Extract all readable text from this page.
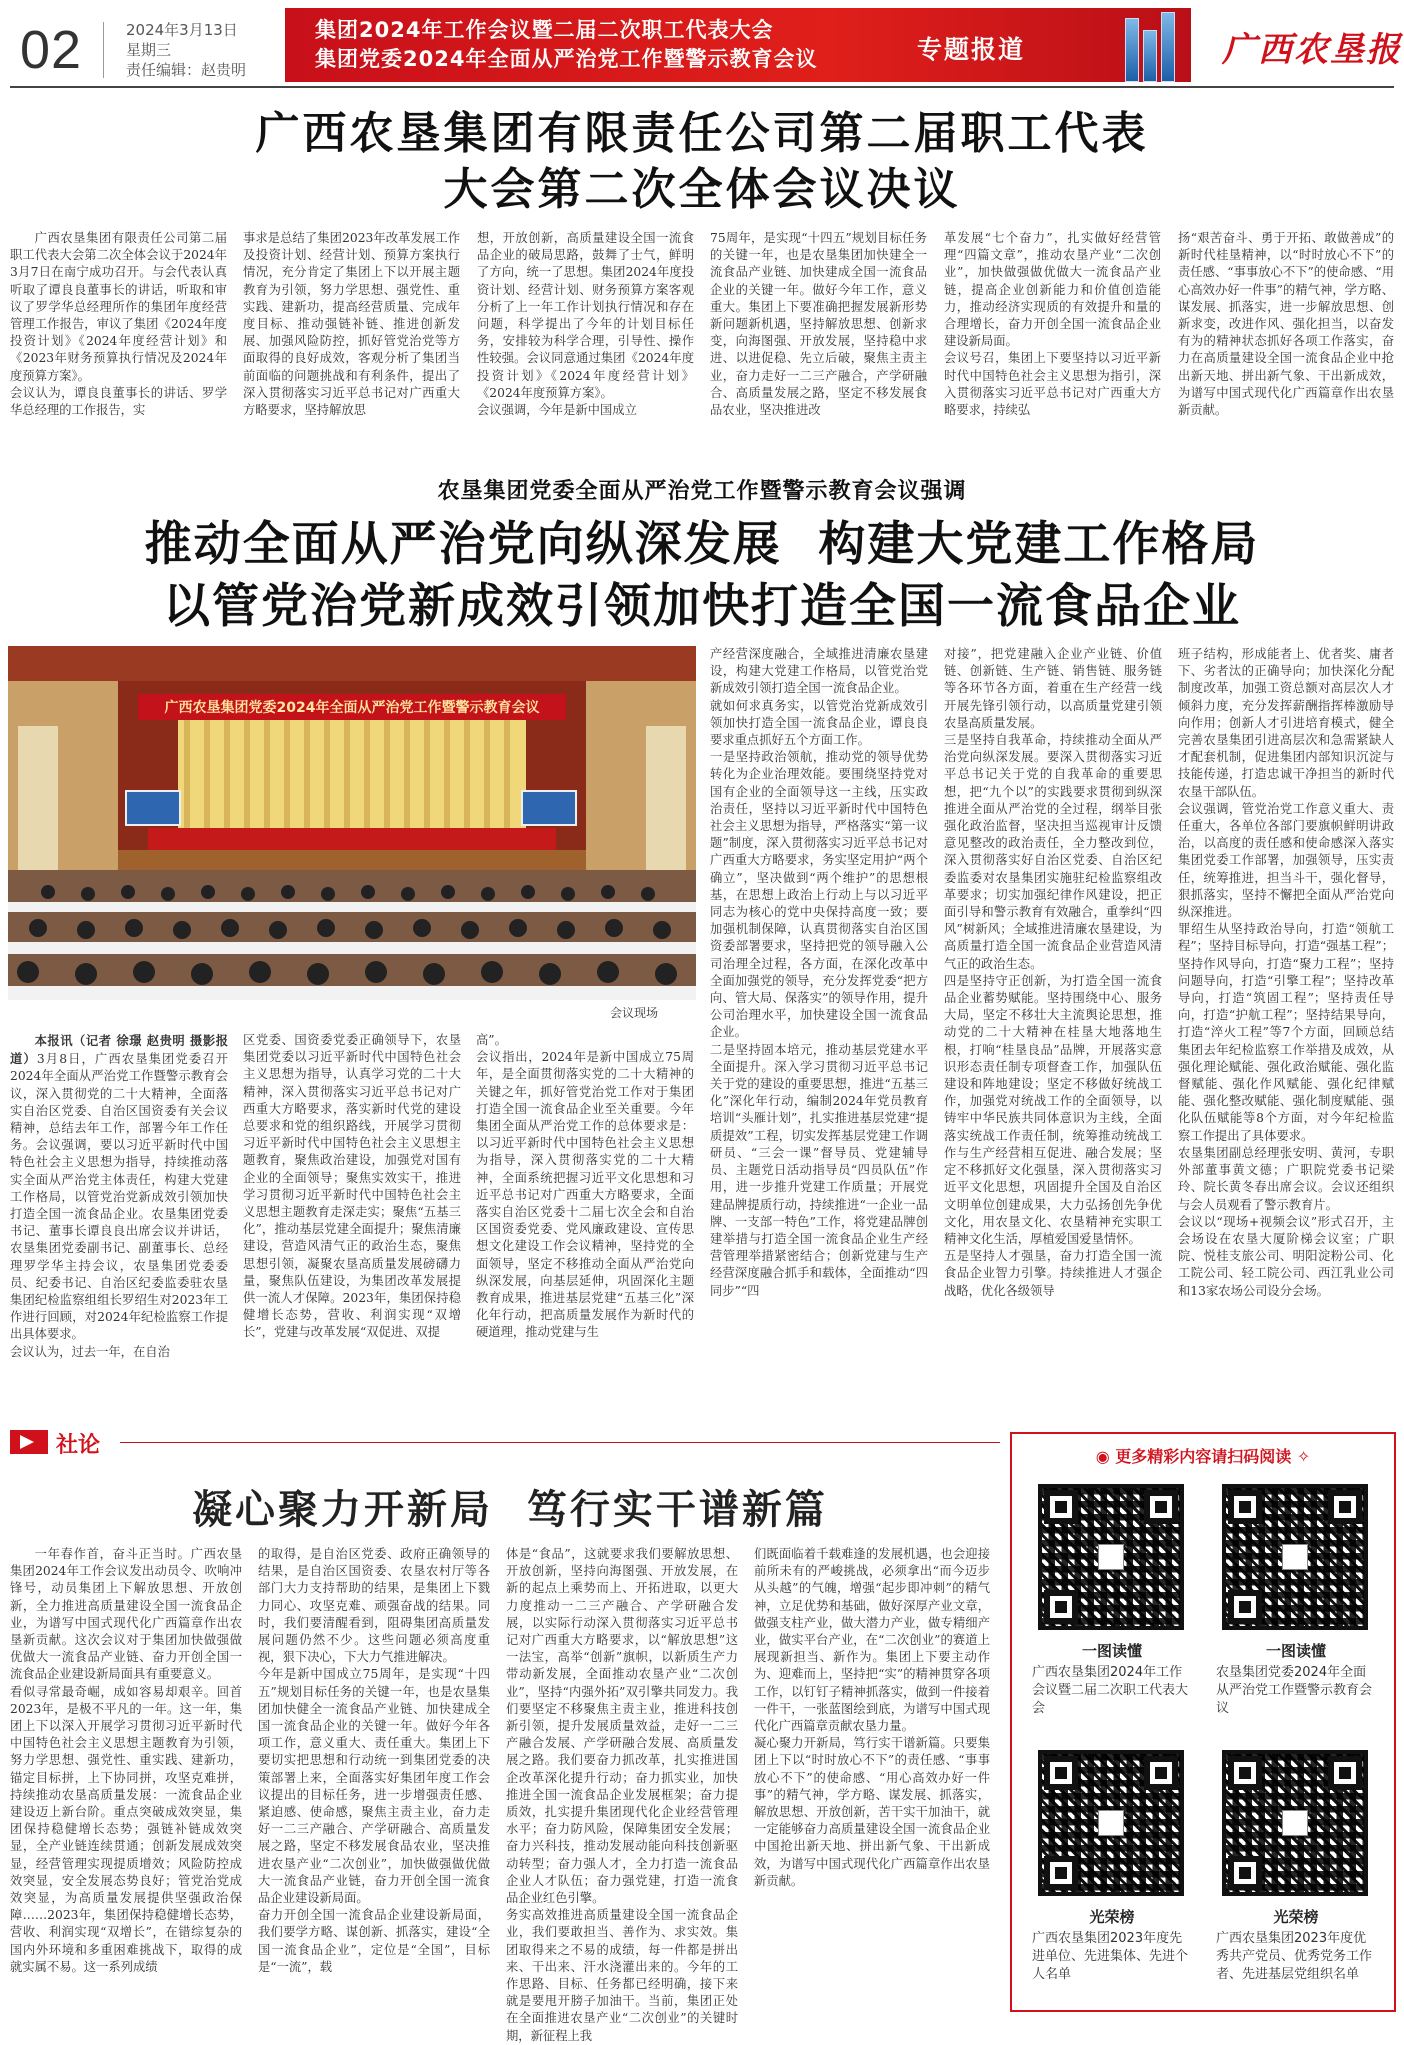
02	2024年3月13日
星期三
责任编辑：赵贵明
集团2024年工作会议暨二届二次职工代表大会
集团党委2024年全面从严治党工作暨警示教育会议	专题报道	广西农垦报
广西农垦集团有限责任公司第二届职工代表
大会第二次全体会议决议

广西农垦集团有限责任公司第二届职工代表大会第二次全体会议于2024年3月7日在南宁成功召开。与会代表认真听取了谭良良董事长的讲话，听取和审议了罗学华总经理所作的集团年度经营管理工作报告，审议了集团《2024年度投资计划》《2024年度经营计划》和《2023年财务预算执行情况及2024年度预算方案》。
会议认为，谭良良董事长的讲话、罗学华总经理的工作报告，实

事求是总结了集团2023年改革发展工作及投资计划、经营计划、预算方案执行情况，充分肯定了集团上下以开展主题教育为引领，努力学思想、强党性、重实践、建新功，提高经营质量、完成年度目标、推动强链补链、推进创新发展、加强风险防控，抓好管党治党等方面取得的良好成效，客观分析了集团当前面临的问题挑战和有利条件，提出了深入贯彻落实习近平总书记对广西重大方略要求，坚持解放思

想，开放创新，高质量建设全国一流食品企业的破局思路，鼓舞了士气，鲜明了方向，统一了思想。集团2024年度投资计划、经营计划、财务预算方案客观分析了上一年工作计划执行情况和存在问题，科学提出了今年的计划目标任务，安排较为科学合理，引导性、操作性较强。会议同意通过集团《2024年度投资计划》《2024年度经营计划》《2024年度预算方案》。
会议强调，今年是新中国成立

75周年，是实现“十四五”规划目标任务的关键一年，也是农垦集团加快建全一流食品产业链、加快建成全国一流食品企业的关键一年。做好今年工作，意义重大。集团上下要准确把握发展新形势新问题新机遇，坚持解放思想、创新求变，向海图强、开放发展，坚持稳中求进、以进促稳、先立后破，聚焦主责主业，奋力走好一二三产融合，产学研融合、高质量发展之路，坚定不移发展食品农业，坚决推进改

革发展“七个奋力”，扎实做好经营管理“四篇文章”，推动农垦产业“二次创业”，加快做强做优做大一流食品产业链，提高企业创新能力和价值创造能力，推动经济实现质的有效提升和量的合理增长，奋力开创全国一流食品企业建设新局面。
会议号召，集团上下要坚持以习近平新时代中国特色社会主义思想为指引，深入贯彻落实习近平总书记对广西重大方略要求，持续弘

扬“艰苦奋斗、勇于开拓、敢做善成”的新时代桂垦精神，以“时时放心不下”的责任感、“事事放心不下”的使命感、“用心高效办好一件事”的精气神，学方略、谋发展、抓落实，进一步解放思想、创新求变，改进作风、强化担当，以奋发有为的精神状态抓好各项工作落实，奋力在高质量建设全国一流食品企业中抢出新天地、拼出新气象、干出新成效，为谱写中国式现代化广西篇章作出农垦新贡献。

农垦集团党委全面从严治党工作暨警示教育会议强调
推动全面从严治党向纵深发展  构建大党建工作格局
以管党治党新成效引领加快打造全国一流食品企业
广西农垦集团党委2024年全面从严治党工作暨警示教育会议
会议现场

本报讯（记者 徐璟 赵贵明 摄影报道）3月8日，广西农垦集团党委召开2024年全面从严治党工作暨警示教育会议，深入贯彻党的二十大精神，全面落实自治区党委、自治区国资委有关会议精神，总结去年工作，部署今年工作任务。会议强调，要以习近平新时代中国特色社会主义思想为指导，持续推动落实全面从严治党主体责任，构建大党建工作格局，以管党治党新成效引领加快打造全国一流食品企业。农垦集团党委书记、董事长谭良良出席会议并讲话，农垦集团党委副书记、副董事长、总经理罗学华主持会议，农垦集团党委委员、纪委书记、自治区纪委监委驻农垦集团纪检监察组组长罗绍生对2023年工作进行回顾，对2024年纪检监察工作提出具体要求。
会议认为，过去一年，在自治

区党委、国资委党委正确领导下，农垦集团党委以习近平新时代中国特色社会主义思想为指导，认真学习党的二十大精神，深入贯彻落实习近平总书记对广西重大方略要求，落实新时代党的建设总要求和党的组织路线，开展学习贯彻习近平新时代中国特色社会主义思想主题教育，聚焦政治建设，加强党对国有企业的全面领导；聚焦实效实干，推进学习贯彻习近平新时代中国特色社会主义思想主题教育走深走实；聚焦“五基三化”，推动基层党建全面提升；聚焦清廉建设，营造风清气正的政治生态，聚焦思想引领，凝聚农垦高质量发展磅礴力量，聚焦队伍建设，为集团改革发展提供一流人才保障。2023年，集团保持稳健增长态势，营收、利润实现“双增长”，党建与改革发展“双促进、双提

高”。
会议指出，2024年是新中国成立75周年，是全面贯彻落实党的二十大精神的关键之年，抓好管党治党工作对于集团打造全国一流食品企业至关重要。今年集团全面从严治党工作的总体要求是：以习近平新时代中国特色社会主义思想为指导，深入贯彻落实党的二十大精神，全面系统把握习近平文化思想和习近平总书记对广西重大方略要求，全面落实自治区党委十二届七次全会和自治区国资委党委、党风廉政建设、宣传思想文化建设工作会议精神，坚持党的全面领导，坚定不移推动全面从严治党向纵深发展，向基层延伸，巩固深化主题教育成果，推进基层党建“五基三化”深化年行动，把高质量发展作为新时代的硬道理，推动党建与生

产经营深度融合，全域推进清廉农垦建设，构建大党建工作格局，以管党治党新成效引领打造全国一流食品企业。
就如何求真务实，以管党治党新成效引领加快打造全国一流食品企业，谭良良要求重点抓好五个方面工作。
一是坚持政治领航，推动党的领导优势转化为企业治理效能。要围绕坚持党对国有企业的全面领导这一主线，压实政治责任，坚持以习近平新时代中国特色社会主义思想为指导，严格落实“第一议题”制度，深入贯彻落实习近平总书记对广西重大方略要求，务实坚定用护“两个确立”，坚决做到“两个维护”的思想根基，在思想上政治上行动上与以习近平同志为核心的党中央保持高度一致；要加强机制保障，认真贯彻落实自治区国资委部署要求，坚持把党的领导融入公司治理全过程，各方面，在深化改革中全面加强党的领导，充分发挥党委“把方向、管大局、保落实”的领导作用，提升公司治理水平，加快建设全国一流食品企业。
二是坚持固本培元，推动基层党建水平全面提升。深入学习贯彻习近平总书记关于党的建设的重要思想，推进“五基三化”深化年行动，编制2024年党员教育培训“头雁计划”，扎实推进基层党建“提质提效”工程，切实发挥基层党建工作调研员、“三会一课”督导员、党建辅导员、主题党日活动指导员“四员队伍”作用，进一步推升党建工作质量；开展党建品牌提质行动，持续推进“一企业一品牌、一支部一特色”工作，将党建品牌创建举措与打造全国一流食品企业生产经营管理举措紧密结合；创新党建与生产经营深度融合抓手和载体，全面推动“四同步”“四

对接”，把党建融入企业产业链、价值链、创新链、生产链、销售链、服务链等各环节各方面，着重在生产经营一线开展先锋引领行动，以高质量党建引领农垦高质量发展。
三是坚持自我革命，持续推动全面从严治党向纵深发展。要深入贯彻落实习近平总书记关于党的自我革命的重要思想，把“九个以”的实践要求贯彻到纵深推进全面从严治党的全过程，纲举目张强化政治监督，坚决担当巡视审计反馈意见整改的政治责任，全力整改到位，深入贯彻落实好自治区党委、自治区纪委监委对农垦集团实施驻纪检监察组改革要求；切实加强纪律作风建设，把正面引导和警示教育有效融合，重拳纠“四风”树新风；全域推进清廉农垦建设，为高质量打造全国一流食品企业营造风清气正的政治生态。
四是坚持守正创新，为打造全国一流食品企业蓄势赋能。坚持围绕中心、服务大局，坚定不移壮大主流舆论思想，推动党的二十大精神在桂垦大地落地生根，打响“桂垦良品”品牌，开展落实意识形态责任制专项督查工作，加强队伍建设和阵地建设；坚定不移做好统战工作，加强党对统战工作的全面领导，以铸牢中华民族共同体意识为主线，全面落实统战工作责任制，统筹推动统战工作与生产经营相互促进、融合发展；坚定不移抓好文化强垦，深入贯彻落实习近平文化思想，巩固提升全国及自治区文明单位创建成果，大力弘扬创先争优文化，用农垦文化、农垦精神充实职工精神文化生活，厚植爱国爱垦情怀。
五是坚持人才强垦，奋力打造全国一流食品企业智力引擎。持续推进人才强企战略，优化各级领导

班子结构，形成能者上、优者奖、庸者下、劣者汰的正确导向；加快深化分配制度改革，加强工资总额对高层次人才倾斜力度，充分发挥薪酬指挥棒激励导向作用；创新人才引进培育模式，健全完善农垦集团引进高层次和急需紧缺人才配套机制，促进集团内部知识沉淀与技能传递，打造忠诚干净担当的新时代农垦干部队伍。
会议强调，管党治党工作意义重大、责任重大，各单位各部门要旗帜鲜明讲政治，以高度的责任感和使命感深入落实集团党委工作部署，加强领导，压实责任，统筹推进，担当斗干，强化督导，狠抓落实，坚持不懈把全面从严治党向纵深推进。
罪绍生从坚持政治导向，打造“领航工程”；坚持目标导向，打造“强基工程”；坚持作风导向，打造“聚力工程”；坚持问题导向，打造“引擎工程”；坚持改革导向，打造“筑固工程”；坚持责任导向，打造“护航工程”；坚持结果导向，打造“淬火工程”等7个方面，回顾总结集团去年纪检监察工作举措及成效，从强化理论赋能、强化政治赋能、强化监督赋能、强化作风赋能、强化纪律赋能、强化整改赋能、强化制度赋能、强化队伍赋能等8个方面，对今年纪检监察工作提出了具体要求。
农垦集团副总经理张安明、黄河，专职外部董事黄文德；广职院党委书记梁玲、院长黄冬春出席会议。会议还组织与会人员观看了警示教育片。
会议以“现场+视频会议”形式召开，主会场设在农垦大厦阶梯会议室；广职院、悦桂支旅公司、明阳淀粉公司、化工院公司、轻工院公司、西江乳业公司和13家农场公司设分会场。

社论
凝心聚力开新局  笃行实干谱新篇

一年春作首，奋斗正当时。广西农垦集团2024年工作会议发出动员令、吹响冲锋号，动员集团上下解放思想、开放创新，全力推进高质量建设全国一流食品企业，为谱写中国式现代化广西篇章作出农垦新贡献。这次会议对于集团加快做强做优做大一流食品产业链、奋力开创全国一流食品企业建设新局面具有重要意义。
看似寻常最奇崛，成如容易却艰辛。回首2023年，是极不平凡的一年。这一年，集团上下以深入开展学习贯彻习近平新时代中国特色社会主义思想主题教育为引领，努力学思想、强党性、重实践、建新功，锚定目标拼，上下协同拼，攻坚克难拼，持续推动农垦高质量发展：一流食品企业建设迈上新台阶。重点突破成效突显，集团保持稳健增长态势；强链补链成效突显，全产业链连续贯通；创新发展成效突显，经营管理实现提质增效；风险防控成效突显，安全发展态势良好；管党治党成效突显，为高质量发展提供坚强政治保障……2023年，集团保持稳健增长态势，营收、利润实现“双增长”，在错综复杂的国内外环境和多重困难挑战下，取得的成就实属不易。这一系列成绩

的取得，是自治区党委、政府正确领导的结果，是自治区国资委、农垦农村厅等各部门大力支持帮助的结果，是集团上下戮力同心、攻坚克难、顽强奋战的结果。同时，我们要清醒看到，阻碍集团高质量发展问题仍然不少。这些问题必须高度重视，狠下决心，下大力气推进解决。
今年是新中国成立75周年，是实现“十四五”规划目标任务的关键一年，也是农垦集团加快健全一流食品产业链、加快建成全国一流食品企业的关键一年。做好今年各项工作，意义重大、责任重大。集团上下要切实把思想和行动统一到集团党委的决策部署上来，全面落实好集团年度工作会议提出的目标任务，进一步增强责任感、紧迫感、使命感，聚焦主责主业，奋力走好一二三产融合、产学研融合、高质量发展之路，坚定不移发展食品农业，坚决推进农垦产业“二次创业”，加快做强做优做大一流食品产业链，奋力开创全国一流食品企业建设新局面。
奋力开创全国一流食品企业建设新局面，我们要学方略、谋创新、抓落实，建设“全国一流食品企业”，定位是“全国”，目标是“一流”，载

体是“食品”，这就要求我们要解放思想、开放创新，坚持向海图强、开放发展，在新的起点上乘势而上、开拓进取，以更大力度推动一二三产融合、产学研融合发展，以实际行动深入贯彻落实习近平总书记对广西重大方略要求，以“解放思想”这一法宝，高举“创新”旗帜，以新质生产力带动新发展，全面推动农垦产业“二次创业”，坚持“内强外拓”双引擎共同发力。我们要坚定不移聚焦主责主业，推进科技创新引领，提升发展质量效益，走好一二三产融合发展、产学研融合发展、高质量发展之路。我们要奋力抓改革，扎实推进国企改革深化提升行动；奋力抓实业，加快推进全国一流食品企业发展框架；奋力提质效，扎实提升集团现代化企业经营管理水平；奋力防风险，保障集团安全发展；奋力兴科技，推动发展动能向科技创新驱动转型；奋力强人才，全力打造一流食品企业人才队伍；奋力强党建，打造一流食品企业红色引擎。
务实高效推进高质量建设全国一流食品企业，我们要敢担当、善作为、求实效。集团取得来之不易的成绩，每一件都是拼出来、干出来、汗水浇灌出来的。今年的工作思路、目标、任务都已经明确，接下来就是要甩开膀子加油干。当前，集团正处在全面推进农垦产业“二次创业”的关键时期，新征程上我

们既面临着千载难逢的发展机遇，也会迎接前所未有的严峻挑战，必须拿出“而今迈步从头越”的气魄，增强“起步即冲刺”的精气神，立足优势和基础，做好深厚产业文章，做强支柱产业，做大潜力产业，做专精细产业，做实平台产业，在“二次创业”的赛道上展现新担当、新作为。集团上下要主动作为、迎难而上，坚持把“实”的精神贯穿各项工作，以钉钉子精神抓落实，做到一件接着一件干，一张蓝图绘到底，为谱写中国式现代化广西篇章贡献农垦力量。
凝心聚力开新局，笃行实干谱新篇。只要集团上下以“时时放心不下”的责任感、“事事放心不下”的使命感、“用心高效办好一件事”的精气神，学方略、谋发展、抓落实，解放思想、开放创新，苦干实干加油干，就一定能够奋力高质量建设全国一流食品企业中国抢出新天地、拼出新气象、干出新成效，为谱写中国式现代化广西篇章作出农垦新贡献。

◉ 更多精彩内容请扫码阅读 ✧
一图读懂
广西农垦集团2024年工作会议暨二届二次职工代表大会
一图读懂
农垦集团党委2024年全面从严治党工作暨警示教育会议
光荣榜
广西农垦集团2023年度先进单位、先进集体、先进个人名单
光荣榜
广西农垦集团2023年度优秀共产党员、优秀党务工作者、先进基层党组织名单
